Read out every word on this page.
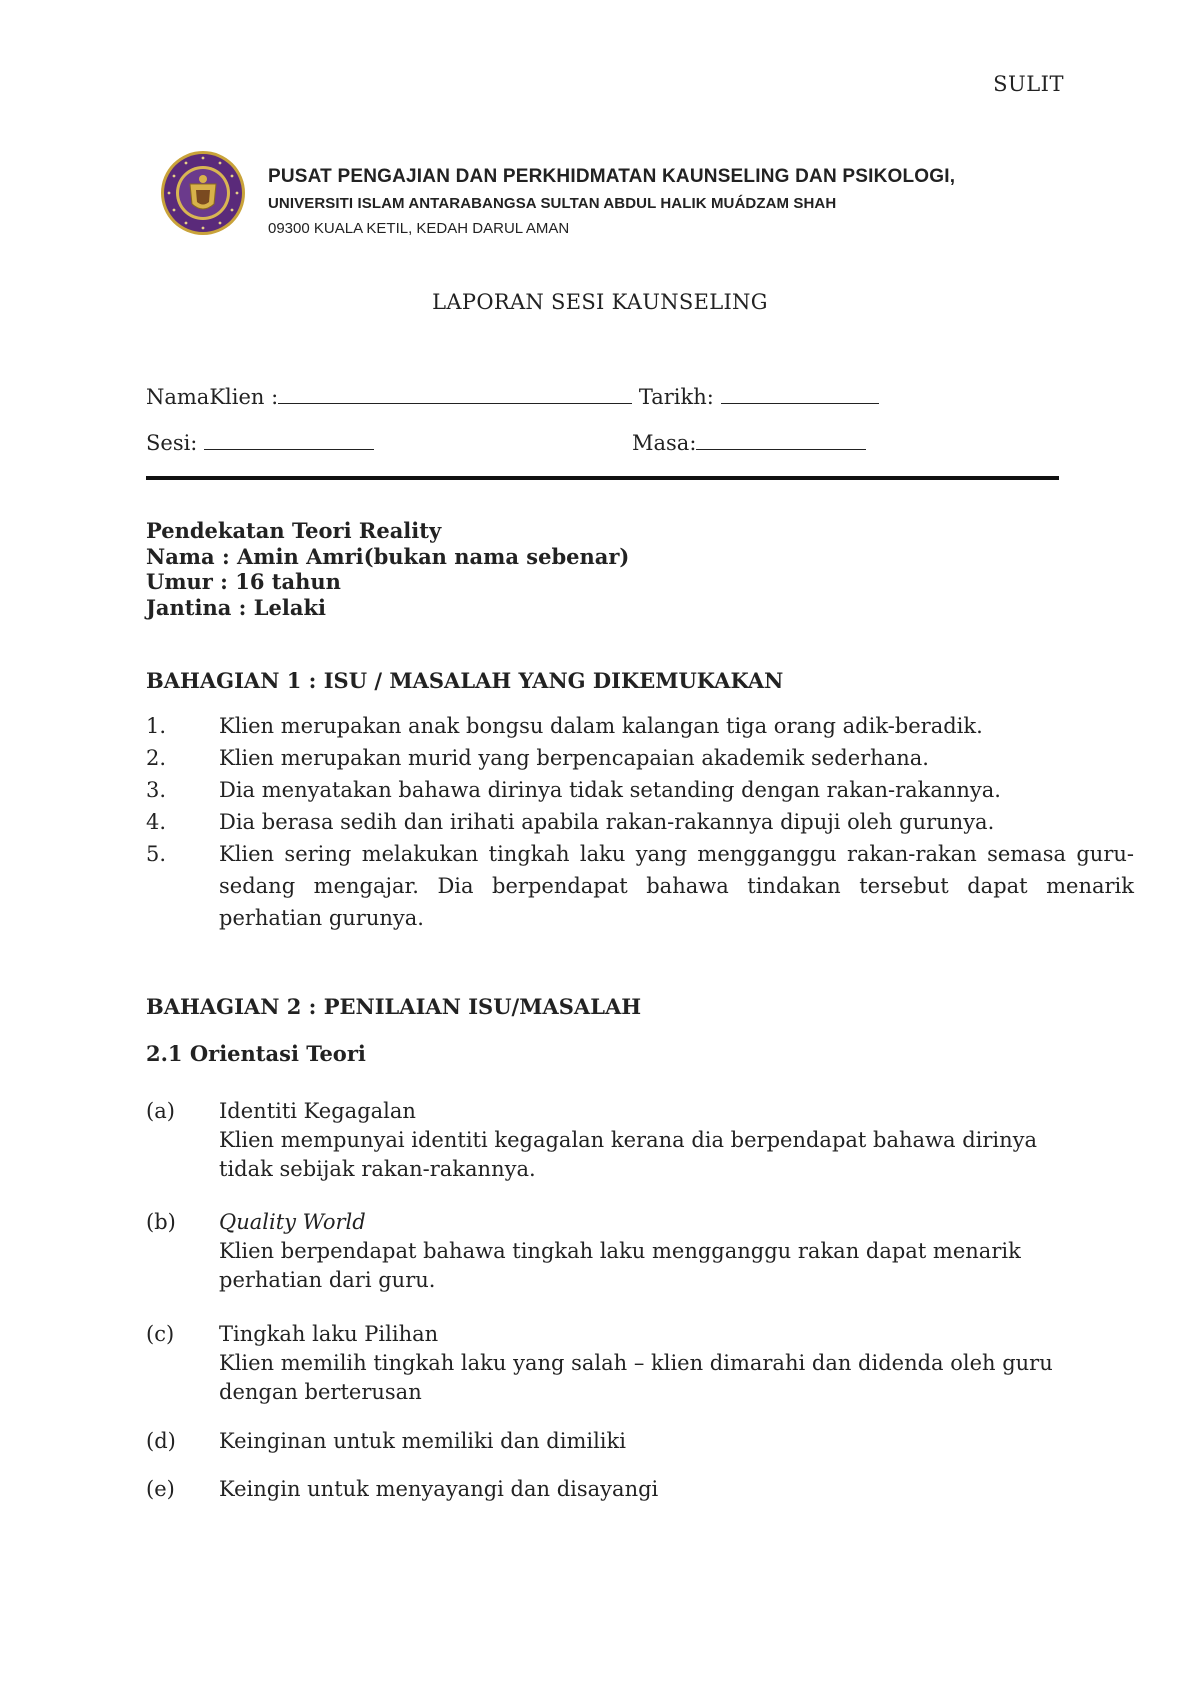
SULIT
PUSAT PENGAJIAN DAN PERKHIDMATAN KAUNSELING DAN PSIKOLOGI,
UNIVERSITI ISLAM ANTARABANGSA SULTAN ABDUL HALIK MUÁDZAM SHAH
09300 KUALA KETIL, KEDAH DARUL AMAN
LAPORAN SESI KAUNSELING
NamaKlien :	Tarikh:
Sesi:	Masa:
Pendekatan Teori Reality
Nama : Amin Amri(bukan nama sebenar)
Umur : 16 tahun
Jantina : Lelaki
BAHAGIAN 1 : ISU / MASALAH YANG DIKEMUKAKAN
1.	Klien merupakan anak bongsu dalam kalangan tiga orang adik-beradik.
2.	Klien merupakan murid yang berpencapaian akademik sederhana.
3.	Dia menyatakan bahawa dirinya tidak setanding dengan rakan-rakannya.
4.	Dia berasa sedih dan irihati apabila rakan-rakannya dipuji oleh gurunya.
5.	Klien sering melakukan tingkah laku yang mengganggu rakan-rakan semasa guru-sedang mengajar. Dia berpendapat bahawa tindakan tersebut dapat menarik perhatian gurunya.
BAHAGIAN 2 : PENILAIAN ISU/MASALAH
2.1 Orientasi Teori
(a) Identiti Kegagalan
Klien mempunyai identiti kegagalan kerana dia berpendapat bahawa dirinya tidak sebijak rakan-rakannya.
(b) Quality World
Klien berpendapat bahawa tingkah laku mengganggu rakan dapat menarik perhatian dari guru.
(c) Tingkah laku Pilihan
Klien memilih tingkah laku yang salah – klien dimarahi dan didenda oleh guru dengan berterusan
(d) Keinginan untuk memiliki dan dimiliki
(e) Keingin untuk menyayangi dan disayangi
